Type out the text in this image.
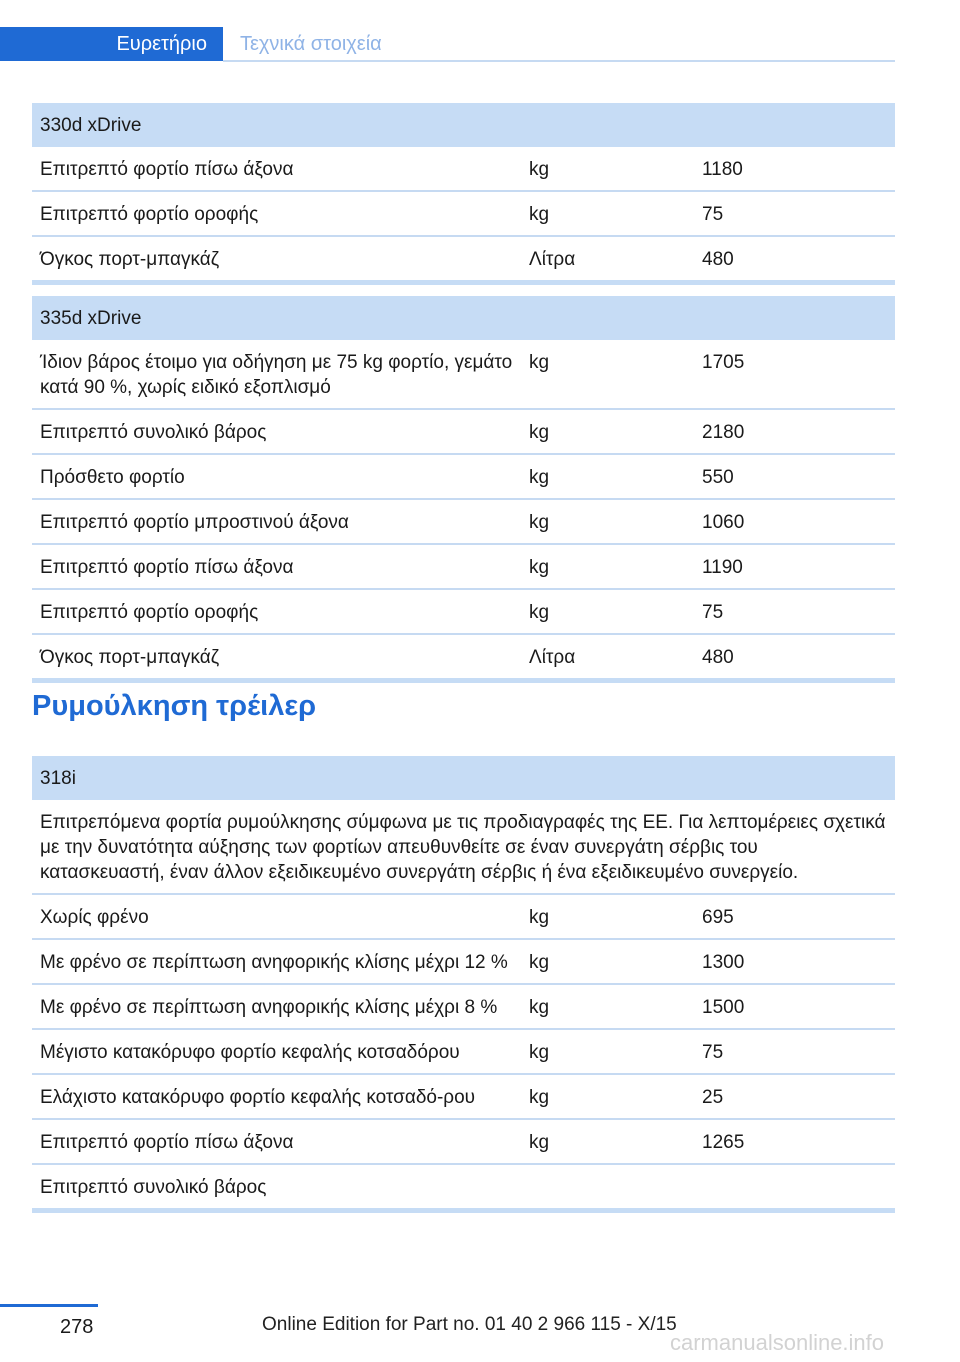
Ευρετήριο	Τεχνικά στοιχεία
330d xDrive		
Επιτρεπτό φορτίο πίσω άξονα	kg	1180
Επιτρεπτό φορτίο οροφής	kg	75
Όγκος πορτ-μπαγκάζ	Λίτρα	480
335d xDrive		
Ίδιον βάρος έτοιμο για οδήγηση με 75 kg φορτίο, γεμάτο κατά 90 %, χωρίς ειδικό εξοπλισμό	kg	1705
Επιτρεπτό συνολικό βάρος	kg	2180
Πρόσθετο φορτίο	kg	550
Επιτρεπτό φορτίο μπροστινού άξονα	kg	1060
Επιτρεπτό φορτίο πίσω άξονα	kg	1190
Επιτρεπτό φορτίο οροφής	kg	75
Όγκος πορτ-μπαγκάζ	Λίτρα	480
Ρυμούλκηση τρέιλερ
318i		
Επιτρεπόμενα φορτία ρυμούλκησης σύμφωνα με τις προδιαγραφές της ΕΕ. Για λεπτομέρειες σχετικά με την δυνατότητα αύξησης των φορτίων απευθυνθείτε σε έναν συνεργάτη σέρβις του κατασκευαστή, έναν άλλον εξειδικευμένο συνεργάτη σέρβις ή ένα εξειδικευμένο συνεργείο.		
Χωρίς φρένο	kg	695
Με φρένο σε περίπτωση ανηφορικής κλίσης μέχρι 12 %	kg	1300
Με φρένο σε περίπτωση ανηφορικής κλίσης μέχρι 8 %	kg	1500
Μέγιστο κατακόρυφο φορτίο κεφαλής κοτσαδόρου	kg	75
Ελάχιστο κατακόρυφο φορτίο κεφαλής κοτσαδό-ρου	kg	25
Επιτρεπτό φορτίο πίσω άξονα	kg	1265
Επιτρεπτό συνολικό βάρος		
278	Online Edition for Part no. 01 40 2 966 115 - X/15
carmanualsonline.info
